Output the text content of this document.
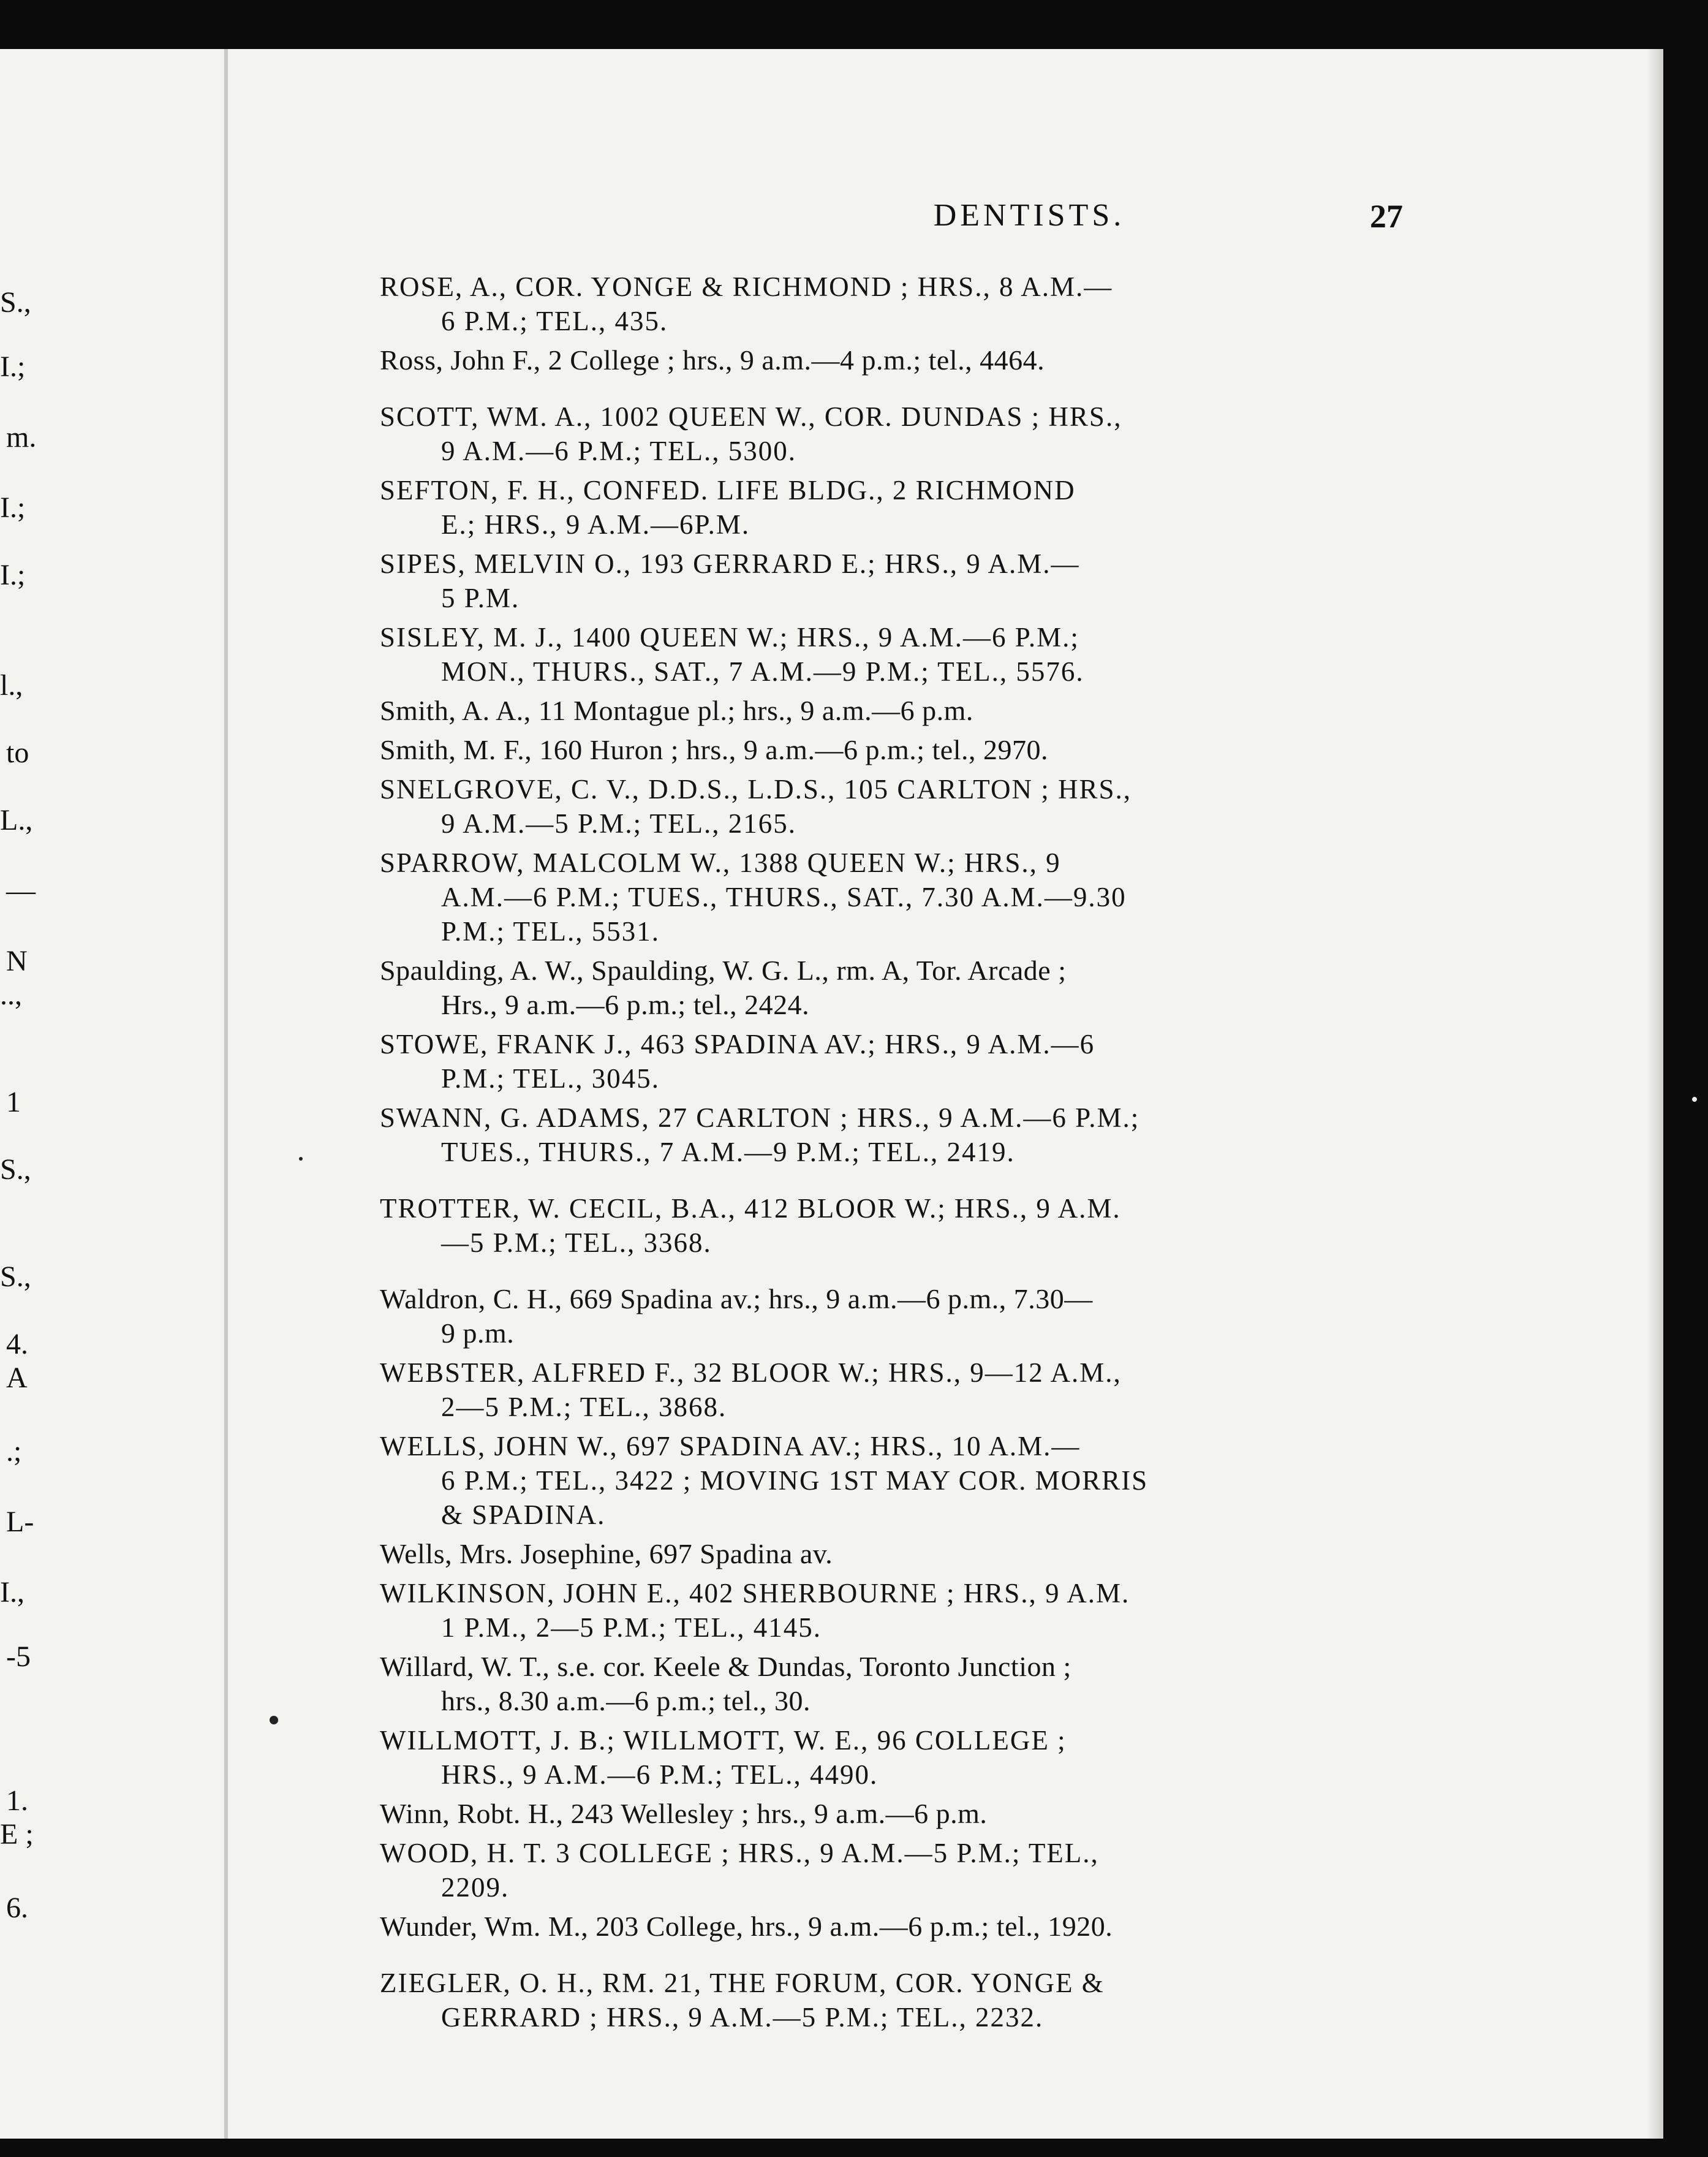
S.,
I.;
m.
I.;
I.;
l.,
to
L.,
—
N
..,
1
S.,
S.,
4.
A
.;
L-
I.,
-5
1.
E ;
6.
DENTISTS.	27
ROSE, A., COR. YONGE & RICHMOND ; HRS., 8 A.M.—
6 P.M.; TEL., 435.
Ross, John F., 2 College ; hrs., 9 a.m.—4 p.m.; tel., 4464.
SCOTT, WM. A., 1002 QUEEN W., COR. DUNDAS ; HRS.,
9 A.M.—6 P.M.; TEL., 5300.
SEFTON, F. H., CONFED. LIFE BLDG., 2 RICHMOND
E.; HRS., 9 A.M.—6P.M.
SIPES, MELVIN O., 193 GERRARD E.; HRS., 9 A.M.—
5 P.M.
SISLEY, M. J., 1400 QUEEN W.; HRS., 9 A.M.—6 P.M.;
MON., THURS., SAT., 7 A.M.—9 P.M.; TEL., 5576.
Smith, A. A., 11 Montague pl.; hrs., 9 a.m.—6 p.m.
Smith, M. F., 160 Huron ; hrs., 9 a.m.—6 p.m.; tel., 2970.
SNELGROVE, C. V., D.D.S., L.D.S., 105 CARLTON ; HRS.,
9 A.M.—5 P.M.; TEL., 2165.
SPARROW, MALCOLM W., 1388 QUEEN W.; HRS., 9
A.M.—6 P.M.; TUES., THURS., SAT., 7.30 A.M.—9.30
P.M.; TEL., 5531.
Spaulding, A. W., Spaulding, W. G. L., rm. A, Tor. Arcade ;
Hrs., 9 a.m.—6 p.m.; tel., 2424.
STOWE, FRANK J., 463 SPADINA AV.; HRS., 9 A.M.—6
P.M.; TEL., 3045.
SWANN, G. ADAMS, 27 CARLTON ; HRS., 9 A.M.—6 P.M.;
TUES., THURS., 7 A.M.—9 P.M.; TEL., 2419.
TROTTER, W. CECIL, B.A., 412 BLOOR W.; HRS., 9 A.M.
—5 P.M.; TEL., 3368.
Waldron, C. H., 669 Spadina av.; hrs., 9 a.m.—6 p.m., 7.30—
9 p.m.
WEBSTER, ALFRED F., 32 BLOOR W.; HRS., 9—12 A.M.,
2—5 P.M.; TEL., 3868.
WELLS, JOHN W., 697 SPADINA AV.; HRS., 10 A.M.—
6 P.M.; TEL., 3422 ; MOVING 1ST MAY COR. MORRIS
& SPADINA.
Wells, Mrs. Josephine, 697 Spadina av.
WILKINSON, JOHN E., 402 SHERBOURNE ; HRS., 9 A.M.
1 P.M., 2—5 P.M.; TEL., 4145.
Willard, W. T., s.e. cor. Keele & Dundas, Toronto Junction ;
hrs., 8.30 a.m.—6 p.m.; tel., 30.
WILLMOTT, J. B.; WILLMOTT, W. E., 96 COLLEGE ;
HRS., 9 A.M.—6 P.M.; TEL., 4490.
Winn, Robt. H., 243 Wellesley ; hrs., 9 a.m.—6 p.m.
WOOD, H. T. 3 COLLEGE ; HRS., 9 A.M.—5 P.M.; TEL.,
2209.
Wunder, Wm. M., 203 College, hrs., 9 a.m.—6 p.m.; tel., 1920.
ZIEGLER, O. H., RM. 21, THE FORUM, COR. YONGE &
GERRARD ; HRS., 9 A.M.—5 P.M.; TEL., 2232.
